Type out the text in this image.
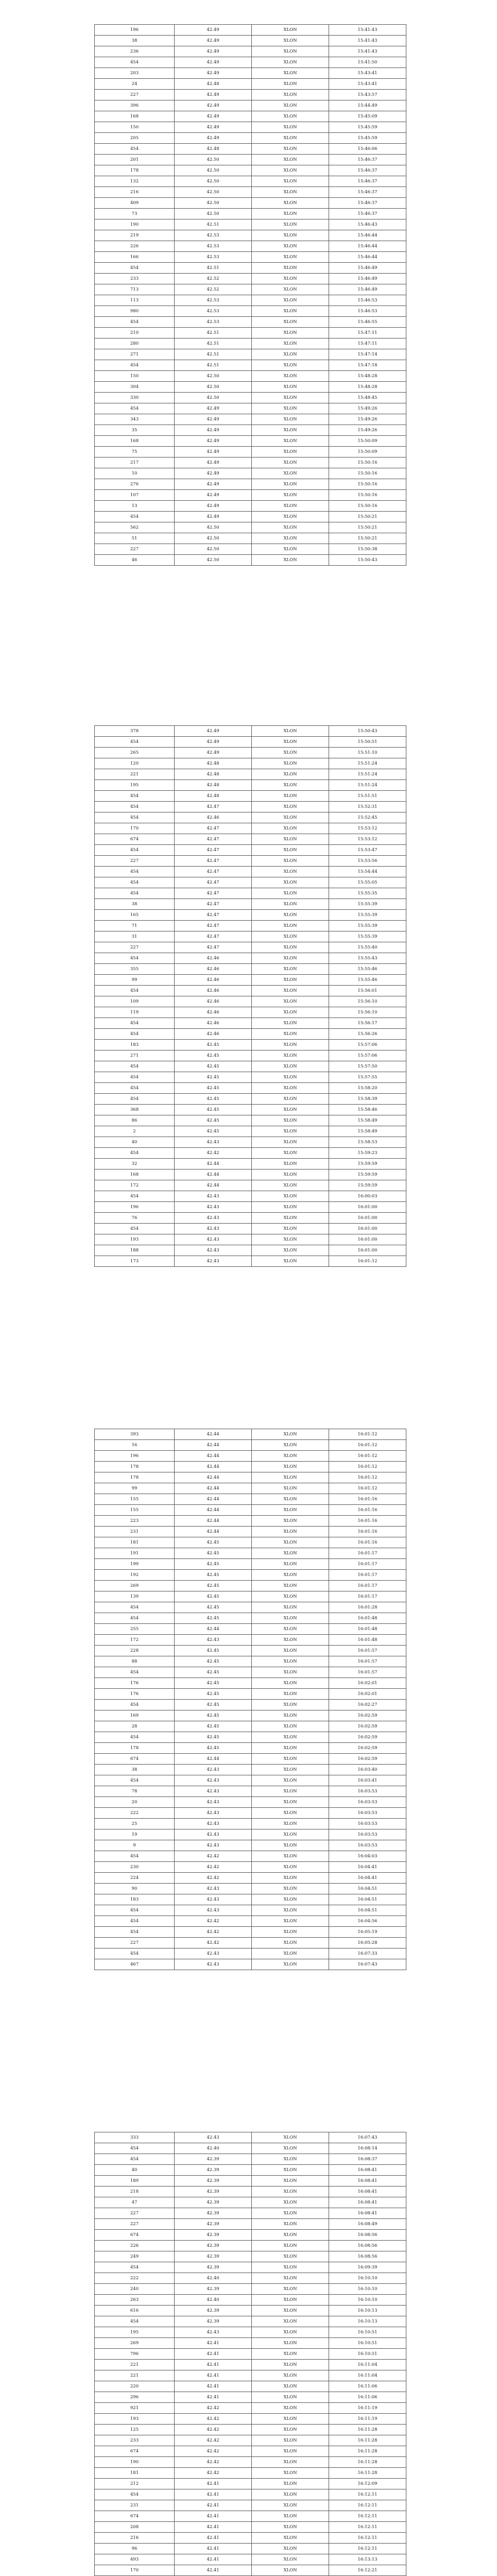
196	42.49	XLON	15:41:43
38	42.49	XLON	15:41:43
236	42.49	XLON	15:41:43
454	42.49	XLON	15:41:50
203	42.49	XLON	15:43:41
24	42.48	XLON	15:43:41
227	42.49	XLON	15:43:57
396	42.49	XLON	15:44:49
168	42.49	XLON	15:45:09
150	42.49	XLON	15:45:59
205	42.49	XLON	15:45:59
454	42.48	XLON	15:46:06
201	42.50	XLON	15:46:37
178	42.50	XLON	15:46:37
132	42.50	XLON	15:46:37
216	42.50	XLON	15:46:37
409	42.50	XLON	15:46:37
73	42.50	XLON	15:46:37
190	42.51	XLON	15:46:43
219	42.53	XLON	15:46:44
226	42.53	XLON	15:46:44
166	42.53	XLON	15:46:44
454	42.51	XLON	15:46:49
233	42.52	XLON	15:46:49
713	42.52	XLON	15:46:49
113	42.53	XLON	15:46:53
980	42.53	XLON	15:46:53
454	42.53	XLON	15:46:55
210	42.51	XLON	15:47:11
280	42.51	XLON	15:47:11
271	42.51	XLON	15:47:14
454	42.51	XLON	15:47:18
150	42.50	XLON	15:48:28
304	42.50	XLON	15:48:28
330	42.50	XLON	15:48:45
454	42.49	XLON	15:49:26
343	42.49	XLON	15:49:26
35	42.49	XLON	15:49:26
168	42.49	XLON	15:50:09
75	42.49	XLON	15:50:09
217	42.49	XLON	15:50:16
10	42.49	XLON	15:50:16
276	42.49	XLON	15:50:16
107	42.49	XLON	15:50:16
13	42.49	XLON	15:50:16
454	42.49	XLON	15:50:21
562	42.50	XLON	15:50:21
51	42.50	XLON	15:50:21
227	42.50	XLON	15:50:38
46	42.50	XLON	15:50:43
378	42.49	XLON	15:50:43
454	42.49	XLON	15:50:51
265	42.49	XLON	15:51:10
120	42.48	XLON	15:51:24
221	42.48	XLON	15:51:24
195	42.48	XLON	15:51:24
454	42.48	XLON	15:51:51
454	42.47	XLON	15:52:31
454	42.46	XLON	15:52:45
170	42.47	XLON	15:53:12
674	42.47	XLON	15:53:12
454	42.47	XLON	15:53:47
227	42.47	XLON	15:53:56
454	42.47	XLON	15:54:44
454	42.47	XLON	15:55:05
454	42.47	XLON	15:55:35
38	42.47	XLON	15:55:39
165	42.47	XLON	15:55:39
71	42.47	XLON	15:55:39
31	42.47	XLON	15:55:39
227	42.47	XLON	15:55:40
454	42.46	XLON	15:55:43
355	42.46	XLON	15:55:46
99	42.46	XLON	15:55:46
454	42.46	XLON	15:56:01
109	42.46	XLON	15:56:10
119	42.46	XLON	15:56:10
454	42.46	XLON	15:56:17
454	42.46	XLON	15:56:26
183	42.45	XLON	15:57:06
271	42.45	XLON	15:57:06
454	42.45	XLON	15:57:50
454	42.45	XLON	15:57:55
454	42.45	XLON	15:58:20
454	42.45	XLON	15:58:39
368	42.45	XLON	15:58:46
86	42.45	XLON	15:58:49
2	42.45	XLON	15:58:49
40	42.43	XLON	15:58:53
454	42.42	XLON	15:59:23
32	42.44	XLON	15:59:59
168	42.44	XLON	15:59:59
172	42.44	XLON	15:59:59
454	42.43	XLON	16:00:03
196	42.43	XLON	16:01:00
76	42.43	XLON	16:01:00
454	42.43	XLON	16:01:00
193	42.43	XLON	16:01:00
188	42.43	XLON	16:01:00
173	42.43	XLON	16:01:12
393	42.44	XLON	16:01:12
16	42.44	XLON	16:01:12
196	42.44	XLON	16:01:12
178	42.44	XLON	16:01:12
178	42.44	XLON	16:01:12
99	42.44	XLON	16:01:12
155	42.44	XLON	16:01:16
155	42.44	XLON	16:01:16
223	42.44	XLON	16:01:16
231	42.44	XLON	16:01:16
181	42.45	XLON	16:01:16
191	42.45	XLON	16:01:17
199	42.45	XLON	16:01:17
192	42.45	XLON	16:01:17
269	42.45	XLON	16:01:17
139	42.45	XLON	16:01:17
454	42.45	XLON	16:01:28
454	42.45	XLON	16:01:48
255	42.44	XLON	16:01:48
172	42.43	XLON	16:01:48
228	42.45	XLON	16:01:57
88	42.45	XLON	16:01:57
454	42.45	XLON	16:01:57
176	42.45	XLON	16:02:01
176	42.45	XLON	16:02:01
454	42.45	XLON	16:02:27
169	42.45	XLON	16:02:59
28	42.45	XLON	16:02:59
454	42.45	XLON	16:02:59
178	42.45	XLON	16:02:59
674	42.44	XLON	16:02:59
38	42.43	XLON	16:03:40
454	42.43	XLON	16:03:41
78	42.43	XLON	16:03:53
20	42.43	XLON	16:03:53
222	42.43	XLON	16:03:53
25	42.43	XLON	16:03:53
19	42.43	XLON	16:03:53
9	42.43	XLON	16:03:53
454	42.42	XLON	16:04:03
230	42.42	XLON	16:04:41
224	42.42	XLON	16:04:41
90	42.43	XLON	16:04:51
183	42.43	XLON	16:04:51
454	42.43	XLON	16:04:51
454	42.42	XLON	16:04:56
454	42.42	XLON	16:05:19
227	42.42	XLON	16:05:28
454	42.43	XLON	16:07:33
467	42.43	XLON	16:07:43
333	42.43	XLON	16:07:43
454	42.40	XLON	16:08:14
454	42.39	XLON	16:08:37
40	42.39	XLON	16:08:41
189	42.39	XLON	16:08:41
218	42.39	XLON	16:08:41
47	42.39	XLON	16:08:41
227	42.39	XLON	16:08:41
227	42.39	XLON	16:08:49
674	42.39	XLON	16:08:56
226	42.39	XLON	16:08:56
249	42.39	XLON	16:08:56
454	42.39	XLON	16:09:39
222	42.40	XLON	16:10:10
240	42.39	XLON	16:10:10
263	42.40	XLON	16:10:10
616	42.39	XLON	16:10:13
454	42.39	XLON	16:10:13
195	42.43	XLON	16:10:51
269	42.41	XLON	16:10:51
796	42.41	XLON	16:10:51
221	42.41	XLON	16:11:04
221	42.41	XLON	16:11:04
220	42.41	XLON	16:11:06
296	42.41	XLON	16:11:06
921	42.42	XLON	16:11:19
193	42.42	XLON	16:11:19
125	42.42	XLON	16:11:28
233	42.42	XLON	16:11:28
674	42.42	XLON	16:11:28
190	42.42	XLON	16:11:28
181	42.42	XLON	16:11:28
212	42.41	XLON	16:12:09
454	42.41	XLON	16:12:11
231	42.41	XLON	16:12:11
674	42.41	XLON	16:12:11
208	42.41	XLON	16:12:11
216	42.41	XLON	16:12:11
96	42.41	XLON	16:12:11
493	42.41	XLON	16:13:13
170	42.41	XLON	16:12:21
